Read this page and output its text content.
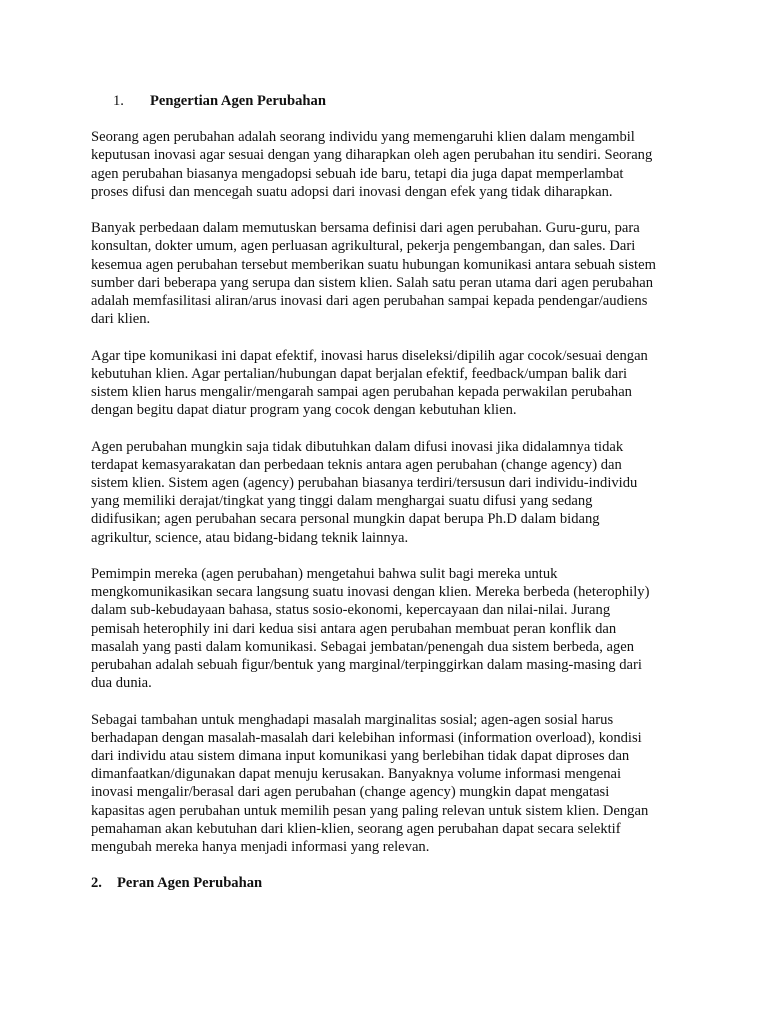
1. Pengertian Agen Perubahan
Seorang agen perubahan adalah seorang individu yang memengaruhi klien dalam mengambil
keputusan inovasi agar sesuai dengan yang diharapkan oleh agen perubahan itu sendiri. Seorang
agen perubahan biasanya mengadopsi sebuah ide baru, tetapi dia juga dapat memperlambat
proses difusi dan mencegah suatu adopsi dari inovasi dengan efek yang tidak diharapkan.
Banyak perbedaan dalam memutuskan bersama definisi dari agen perubahan. Guru-guru, para
konsultan, dokter umum, agen perluasan agrikultural, pekerja pengembangan, dan sales. Dari
kesemua agen perubahan tersebut memberikan suatu hubungan komunikasi antara sebuah sistem
sumber dari beberapa yang serupa dan sistem klien. Salah satu peran utama dari agen perubahan
adalah memfasilitasi aliran/arus inovasi dari agen perubahan sampai kepada pendengar/audiens
dari klien.
Agar tipe komunikasi ini dapat efektif, inovasi harus diseleksi/dipilih agar cocok/sesuai dengan
kebutuhan klien. Agar pertalian/hubungan dapat berjalan efektif, feedback/umpan balik dari
sistem klien harus mengalir/mengarah sampai agen perubahan kepada perwakilan perubahan
dengan begitu dapat diatur program yang cocok dengan kebutuhan klien.
Agen perubahan mungkin saja tidak dibutuhkan dalam difusi inovasi jika didalamnya tidak
terdapat kemasyarakatan dan perbedaan teknis antara agen perubahan (change agency) dan
sistem klien. Sistem agen (agency) perubahan biasanya terdiri/tersusun dari individu-individu
yang memiliki derajat/tingkat yang tinggi dalam menghargai suatu difusi yang sedang
didifusikan; agen perubahan secara personal mungkin dapat berupa Ph.D dalam bidang
agrikultur, science, atau bidang-bidang teknik lainnya.
Pemimpin mereka (agen perubahan) mengetahui bahwa sulit bagi mereka untuk
mengkomunikasikan secara langsung suatu inovasi dengan klien. Mereka berbeda (heterophily)
dalam sub-kebudayaan bahasa, status sosio-ekonomi, kepercayaan dan nilai-nilai. Jurang
pemisah heterophily ini dari kedua sisi antara agen perubahan membuat peran konflik dan
masalah yang pasti dalam komunikasi. Sebagai jembatan/penengah dua sistem berbeda, agen
perubahan adalah sebuah figur/bentuk yang marginal/terpinggirkan dalam masing-masing dari
dua dunia.
Sebagai tambahan untuk menghadapi masalah marginalitas sosial; agen-agen sosial harus
berhadapan dengan masalah-masalah dari kelebihan informasi (information overload), kondisi
dari individu atau sistem dimana input komunikasi yang berlebihan tidak dapat diproses dan
dimanfaatkan/digunakan dapat menuju kerusakan. Banyaknya volume informasi mengenai
inovasi mengalir/berasal dari agen perubahan (change agency) mungkin dapat mengatasi
kapasitas agen perubahan untuk memilih pesan yang paling relevan untuk sistem klien. Dengan
pemahaman akan kebutuhan dari klien-klien, seorang agen perubahan dapat secara selektif
mengubah mereka hanya menjadi informasi yang relevan.
2. Peran Agen Perubahan
